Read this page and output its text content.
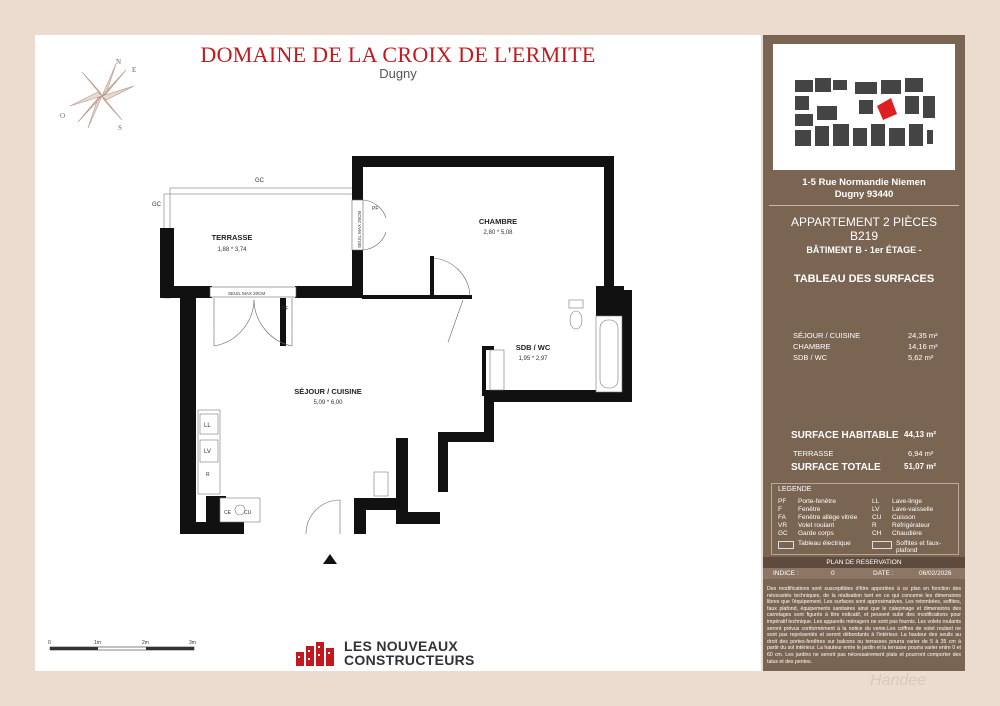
DOMAINE DE LA CROIX DE L'ERMITE
Dugny
N
E
S
O
GC
GC
SEUIL MAX 20CM
PF
SEUIL MAX 20CM
PF
LL
LV
CE	CU
R
TERRASSE
1,88 * 3,74
CHAMBRE
2,80 * 5,08
SDB / WC
1,95 * 2,97
SÉJOUR / CUISINE
5,09 * 6,00
0	1m	2m	3m	LES NOUVEAUX
CONSTRUCTEURS
Handee
1-5 Rue Normandie Niemen
Dugny 93440
APPARTEMENT 2 PIÈCES
B219
BÂTIMENT B - 1er ÉTAGE -
TABLEAU DES SURFACES
SÉJOUR / CUISINE	24,35 m²
CHAMBRE	14,16 m²
SDB / WC	5,62 m²
SURFACE HABITABLE 44,13 m²
TERRASSE	6,94 m²
SURFACE TOTALE	51,07 m²
LEGENDE
PF Porte-fenêtre	LL Lave-linge
F Fenêtre	LV Lave-vaisselle
FA Fenêtre allège vitrée CU Cuisson
VR Volet roulant	R Réfrigérateur
GC Garde corps	CH Chaudière
Tableau électrique	Soffites et faux-plafond
PLAN DE RESERVATION
INDICE :	0	DATE :	06/02/2026
Des modifications sont susceptibles d'être apportées à ce plan en fonction des nécessités techniques, de la réalisation tant en ce qui concerne les dimensions libres que l'équipement. Les surfaces sont approximatives. Les retombées, soffites, faux plafond, équipements sanitaires ainsi que le calepinage et dimensions des carrelages sont figurés à titre indicatif, et peuvent subir des modifications pour impératif technique. Les appareils ménagers ne sont pas fournis. Les volets roulants seront prévus conformément à la notice du vente.Les coffres de volet roulant ne sont pas représentés et seront débordants à l'intérieur. La hauteur des seuils au droit des portes-fenêtres sur balcons ou terrasses pourra varier de 5 à 35 cm à partir du sol intérieur. La hauteur entre le jardin et la terrasse pourra varier entre 0 et 60 cm. Les jardins ne seront pas nécessairement plats et pourront comporter des talus et des pentes.
